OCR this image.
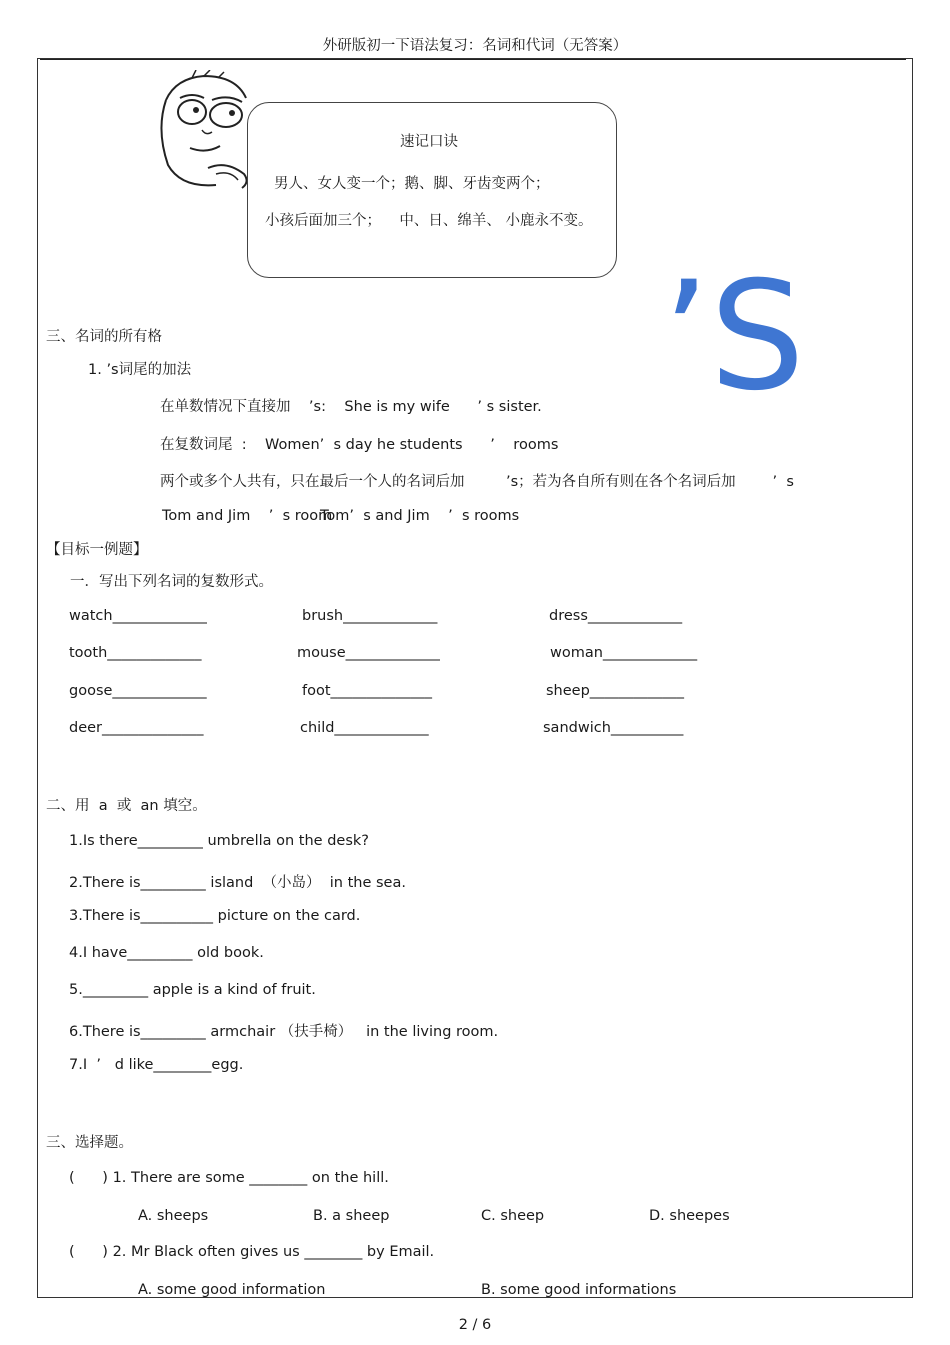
外研版初一下语法复习：名词和代词（无答案）
速记口诀
男人、女人变一个；鹅、脚、牙齿变两个；
小孩后面加三个；    中、日、绵羊、 小鹿永不变。
’S
三、名词的所有格
1. ’s词尾的加法
在单数情况下直接加    ’s:    She is my wife      ’ s sister.
在复数词尾  :    Women’  s day he students      ’    rooms
两个或多个人共有，只在最后一个人的名词后加         ’s；若为各自所有则在各个名词后加        ’  s
Tom and Jim    ’  s room
Tom’  s and Jim    ’  s rooms
【目标一例题】
一．写出下列名词的复数形式。
watch_____________	brush_____________	dress_____________
tooth_____________	mouse_____________	woman_____________
goose_____________	foot______________	sheep_____________
deer______________	child_____________	sandwich__________
二、用  a  或  an 填空。
1.Is there_________ umbrella on the desk?
2.There is_________ island  （小岛）  in the sea.
3.There is__________ picture on the card.
4.I have_________ old book.
5._________ apple is a kind of fruit.
6.There is_________ armchair （扶手椅）   in the living room.
7.I  ’   d like________egg.
三、选择题。
(      ) 1. There are some ________ on the hill.
A. sheeps	B. a sheep	C. sheep	D. sheepes
(      ) 2. Mr Black often gives us ________ by Email.
A. some good information	B. some good informations
2 / 6
